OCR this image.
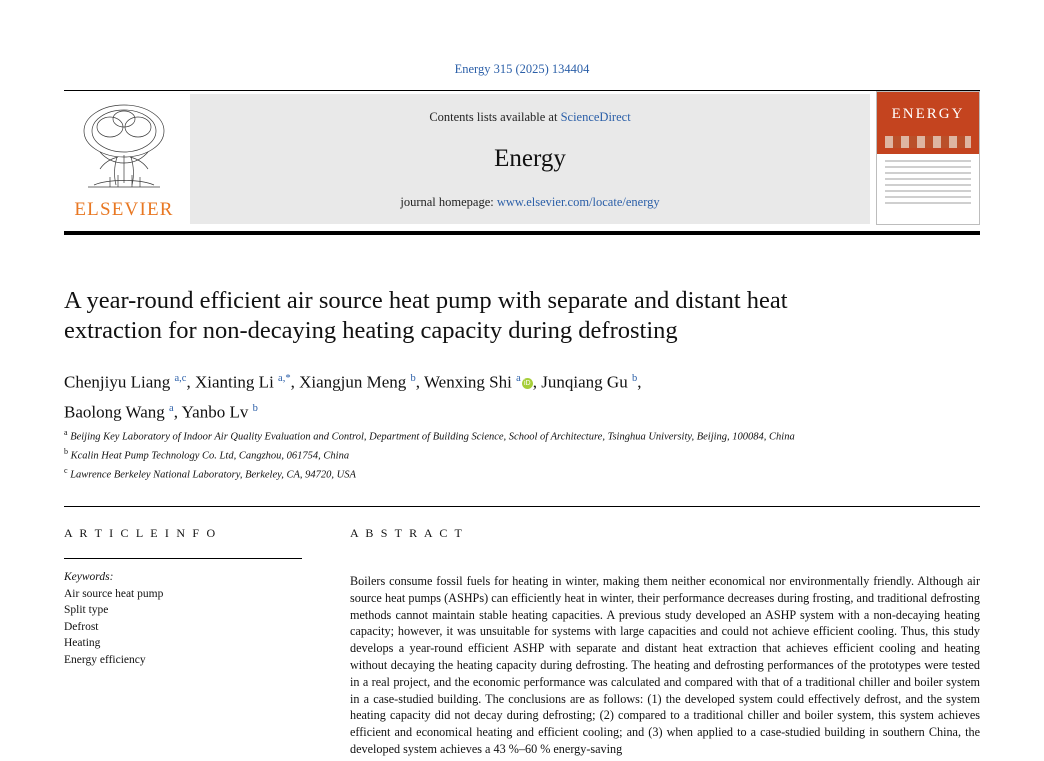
Energy 315 (2025) 134404
ELSEVIER
Contents lists available at ScienceDirect
Energy
journal homepage: www.elsevier.com/locate/energy
ENERGY
A year-round efficient air source heat pump with separate and distant heat extraction for non-decaying heating capacity during defrosting
Chenjiyu Liang $^{a,c}$, Xianting Li $^{a,*}$, Xiangjun Meng $^b$, Wenxing Shi $^a$ iD , Junqiang Gu $^b$,
Baolong Wang $^a$, Yanbo Lv $^b$
$^a$ Beijing Key Laboratory of Indoor Air Quality Evaluation and Control, Department of Building Science, School of Architecture, Tsinghua University, Beijing, 100084, China
$^b$ Kcalin Heat Pump Technology Co. Ltd, Cangzhou, 061754, China
$^c$ Lawrence Berkeley National Laboratory, Berkeley, CA, 94720, USA
A R T I C L E I N F O
Keywords:
Air source heat pump
Split type
Defrost
Heating
Energy efficiency
A B S T R A C T
Boilers consume fossil fuels for heating in winter, making them neither economical nor environmentally friendly. Although air source heat pumps (ASHPs) can efficiently heat in winter, their performance decreases during frosting, and traditional defrosting methods cannot maintain stable heating capacities. A previous study developed an ASHP system with a non-decaying heating capacity; however, it was unsuitable for systems with large capacities and could not achieve efficient cooling. Thus, this study develops a year-round efficient ASHP with separate and distant heat extraction that achieves efficient cooling and heating without decaying the heating capacity during defrosting. The heating and defrosting performances of the prototypes were tested in a real project, and the economic performance was calculated and compared with that of a traditional chiller and boiler system in a case-studied building. The conclusions are as follows: (1) the developed system could effectively defrost, and the system heating capacity did not decay during defrosting; (2) compared to a traditional chiller and boiler system, this system achieves efficient and economical heating and efficient cooling; and (3) when applied to a case-studied building in southern China, the developed system achieves a 43 %–60 % energy-saving
